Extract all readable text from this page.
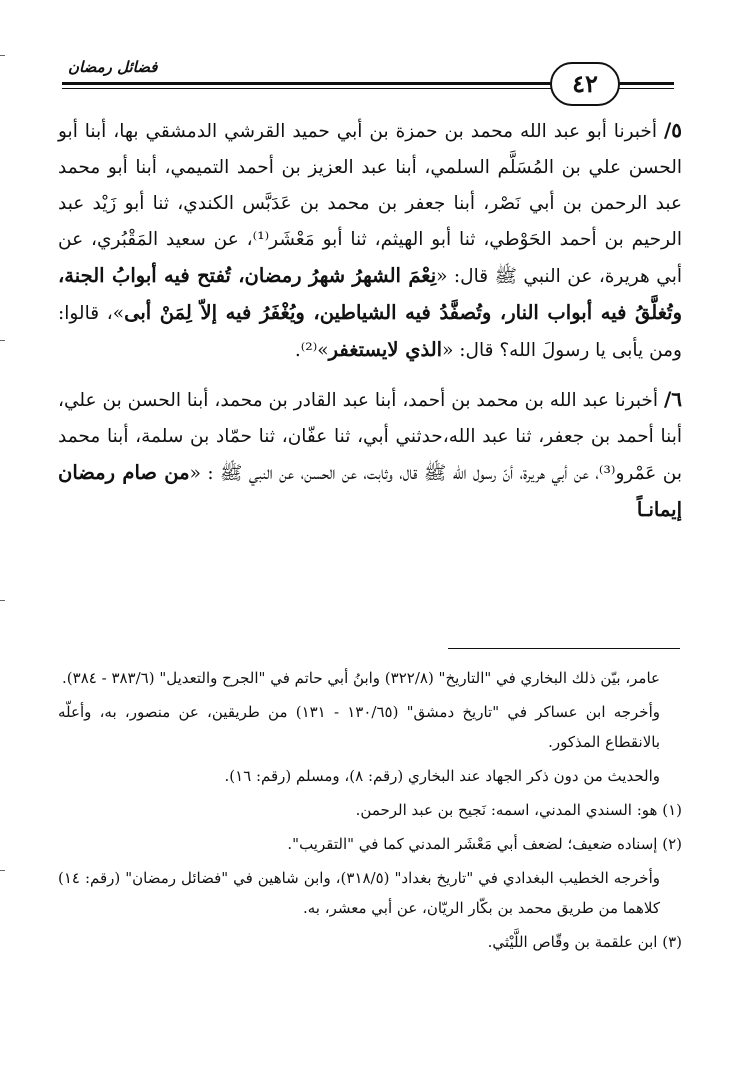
فضائل رمضان
٤٢

٥/ أخبرنا أبو عبد الله محمد بن حمزة بن أبي حميد القرشي الدمشقي بها، أبنا أبو الحسن علي بن المُسَلَّم السلمي، أبنا عبد العزيز بن أحمد التميمي، أبنا أبو محمد عبد الرحمن بن أبي نَصْر، أبنا جعفر بن محمد بن عَدَبَّس الكندي، ثنا أبو زَيْد عبد الرحيم بن أحمد الحَوْطي، ثنا أبو الهيثم، ثنا أبو مَعْشَر⁽¹⁾، عن سعيد المَقْبُري، عن أبي هريرة، عن النبي ﷺ قال: «نِعْمَ الشهرُ شهرُ رمضان، تُفتح فيه أبوابُ الجنة، وتُغلَّقُ فيه أبواب النار، وتُصفَّدُ فيه الشياطين، ويُغْفَرُ فيه إلاّ لِمَنْ أبى»، قالوا: ومن يأبى يا رسولَ الله؟ قال: «الذي لايستغفر»⁽²⁾.

٦/ أخبرنا عبد الله بن محمد بن أحمد، أبنا عبد القادر بن محمد، أبنا الحسن بن علي، أبنا أحمد بن جعفر، ثنا عبد الله،حدثني أبي، ثنا عفّان، ثنا حمّاد بن سلمة، أبنا محمد بن عَمْرو⁽³⁾، عن أبي هريرة، أنّ رسول الله ﷺ قال، وثابت، عن الحسن، عن النبي ﷺ : «من صام رمضان إيمانـاً

عامر، بيّن ذلك البخاري في "التاريخ" (٣٢٢/٨) وابنُ أبي حاتم في "الجرح والتعديل" (٣٨٣/٦ - ٣٨٤).

وأخرجه ابن عساكر في "تاريخ دمشق" (١٣٠/٦٥ - ١٣١) من طريقين، عن منصور، به، وأعلّه بالانقطاع المذكور.

والحديث من دون ذكر الجهاد عند البخاري (رقم: ٨)، ومسلم (رقم: ١٦).

(١) هو: السندي المدني، اسمه: نَجيح بن عبد الرحمن.

(٢) إسناده ضعيف؛ لضعف أبي مَعْشَر المدني كما في "التقريب".

وأخرجه الخطيب البغدادي في "تاريخ بغداد" (٣١٨/٥)، وابن شاهين في "فضائل رمضان" (رقم: ١٤) كلاهما من طريق محمد بن بكّار الريّان، عن أبي معشر، به.

(٣) ابن علقمة بن وقّاص اللَّيْثي.
